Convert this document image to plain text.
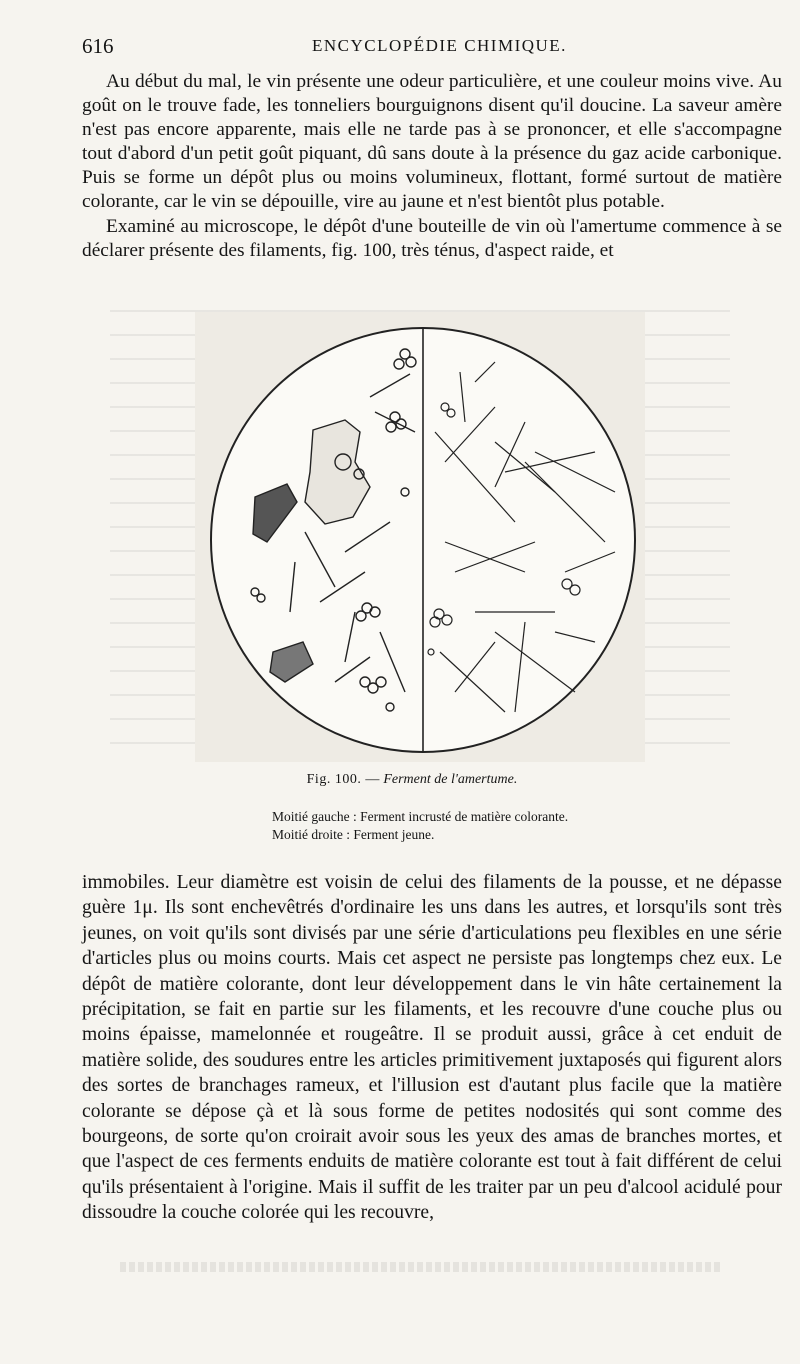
616	ENCYCLOPÉDIE CHIMIQUE.

Au début du mal, le vin présente une odeur particulière, et une couleur moins vive. Au goût on le trouve fade, les tonneliers bourguignons disent qu'il doucine. La saveur amère n'est pas encore apparente, mais elle ne tarde pas à se prononcer, et elle s'accompagne tout d'abord d'un petit goût piquant, dû sans doute à la présence du gaz acide carbonique. Puis se forme un dépôt plus ou moins volumineux, flottant, formé surtout de matière colorante, car le vin se dépouille, vire au jaune et n'est bientôt plus potable.

Examiné au microscope, le dépôt d'une bouteille de vin où l'amertume commence à se déclarer présente des filaments, fig. 100, très ténus, d'aspect raide, et

Fig. 100. — Ferment de l'amertume.
Moitié gauche : Ferment incrusté de matière colorante.
Moitié droite : Ferment jeune.

immobiles. Leur diamètre est voisin de celui des filaments de la pousse, et ne dépasse guère 1μ. Ils sont enchevêtrés d'ordinaire les uns dans les autres, et lorsqu'ils sont très jeunes, on voit qu'ils sont divisés par une série d'articulations peu flexibles en une série d'articles plus ou moins courts. Mais cet aspect ne persiste pas longtemps chez eux. Le dépôt de matière colorante, dont leur développement dans le vin hâte certainement la précipitation, se fait en partie sur les filaments, et les recouvre d'une couche plus ou moins épaisse, mamelonnée et rougeâtre. Il se produit aussi, grâce à cet enduit de matière solide, des soudures entre les articles primitivement juxtaposés qui figurent alors des sortes de branchages rameux, et l'illusion est d'autant plus facile que la matière colorante se dépose çà et là sous forme de petites nodosités qui sont comme des bourgeons, de sorte qu'on croirait avoir sous les yeux des amas de branches mortes, et que l'aspect de ces ferments enduits de matière colorante est tout à fait différent de celui qu'ils présentaient à l'origine. Mais il suffit de les traiter par un peu d'alcool acidulé pour dissoudre la couche colorée qui les recouvre,
